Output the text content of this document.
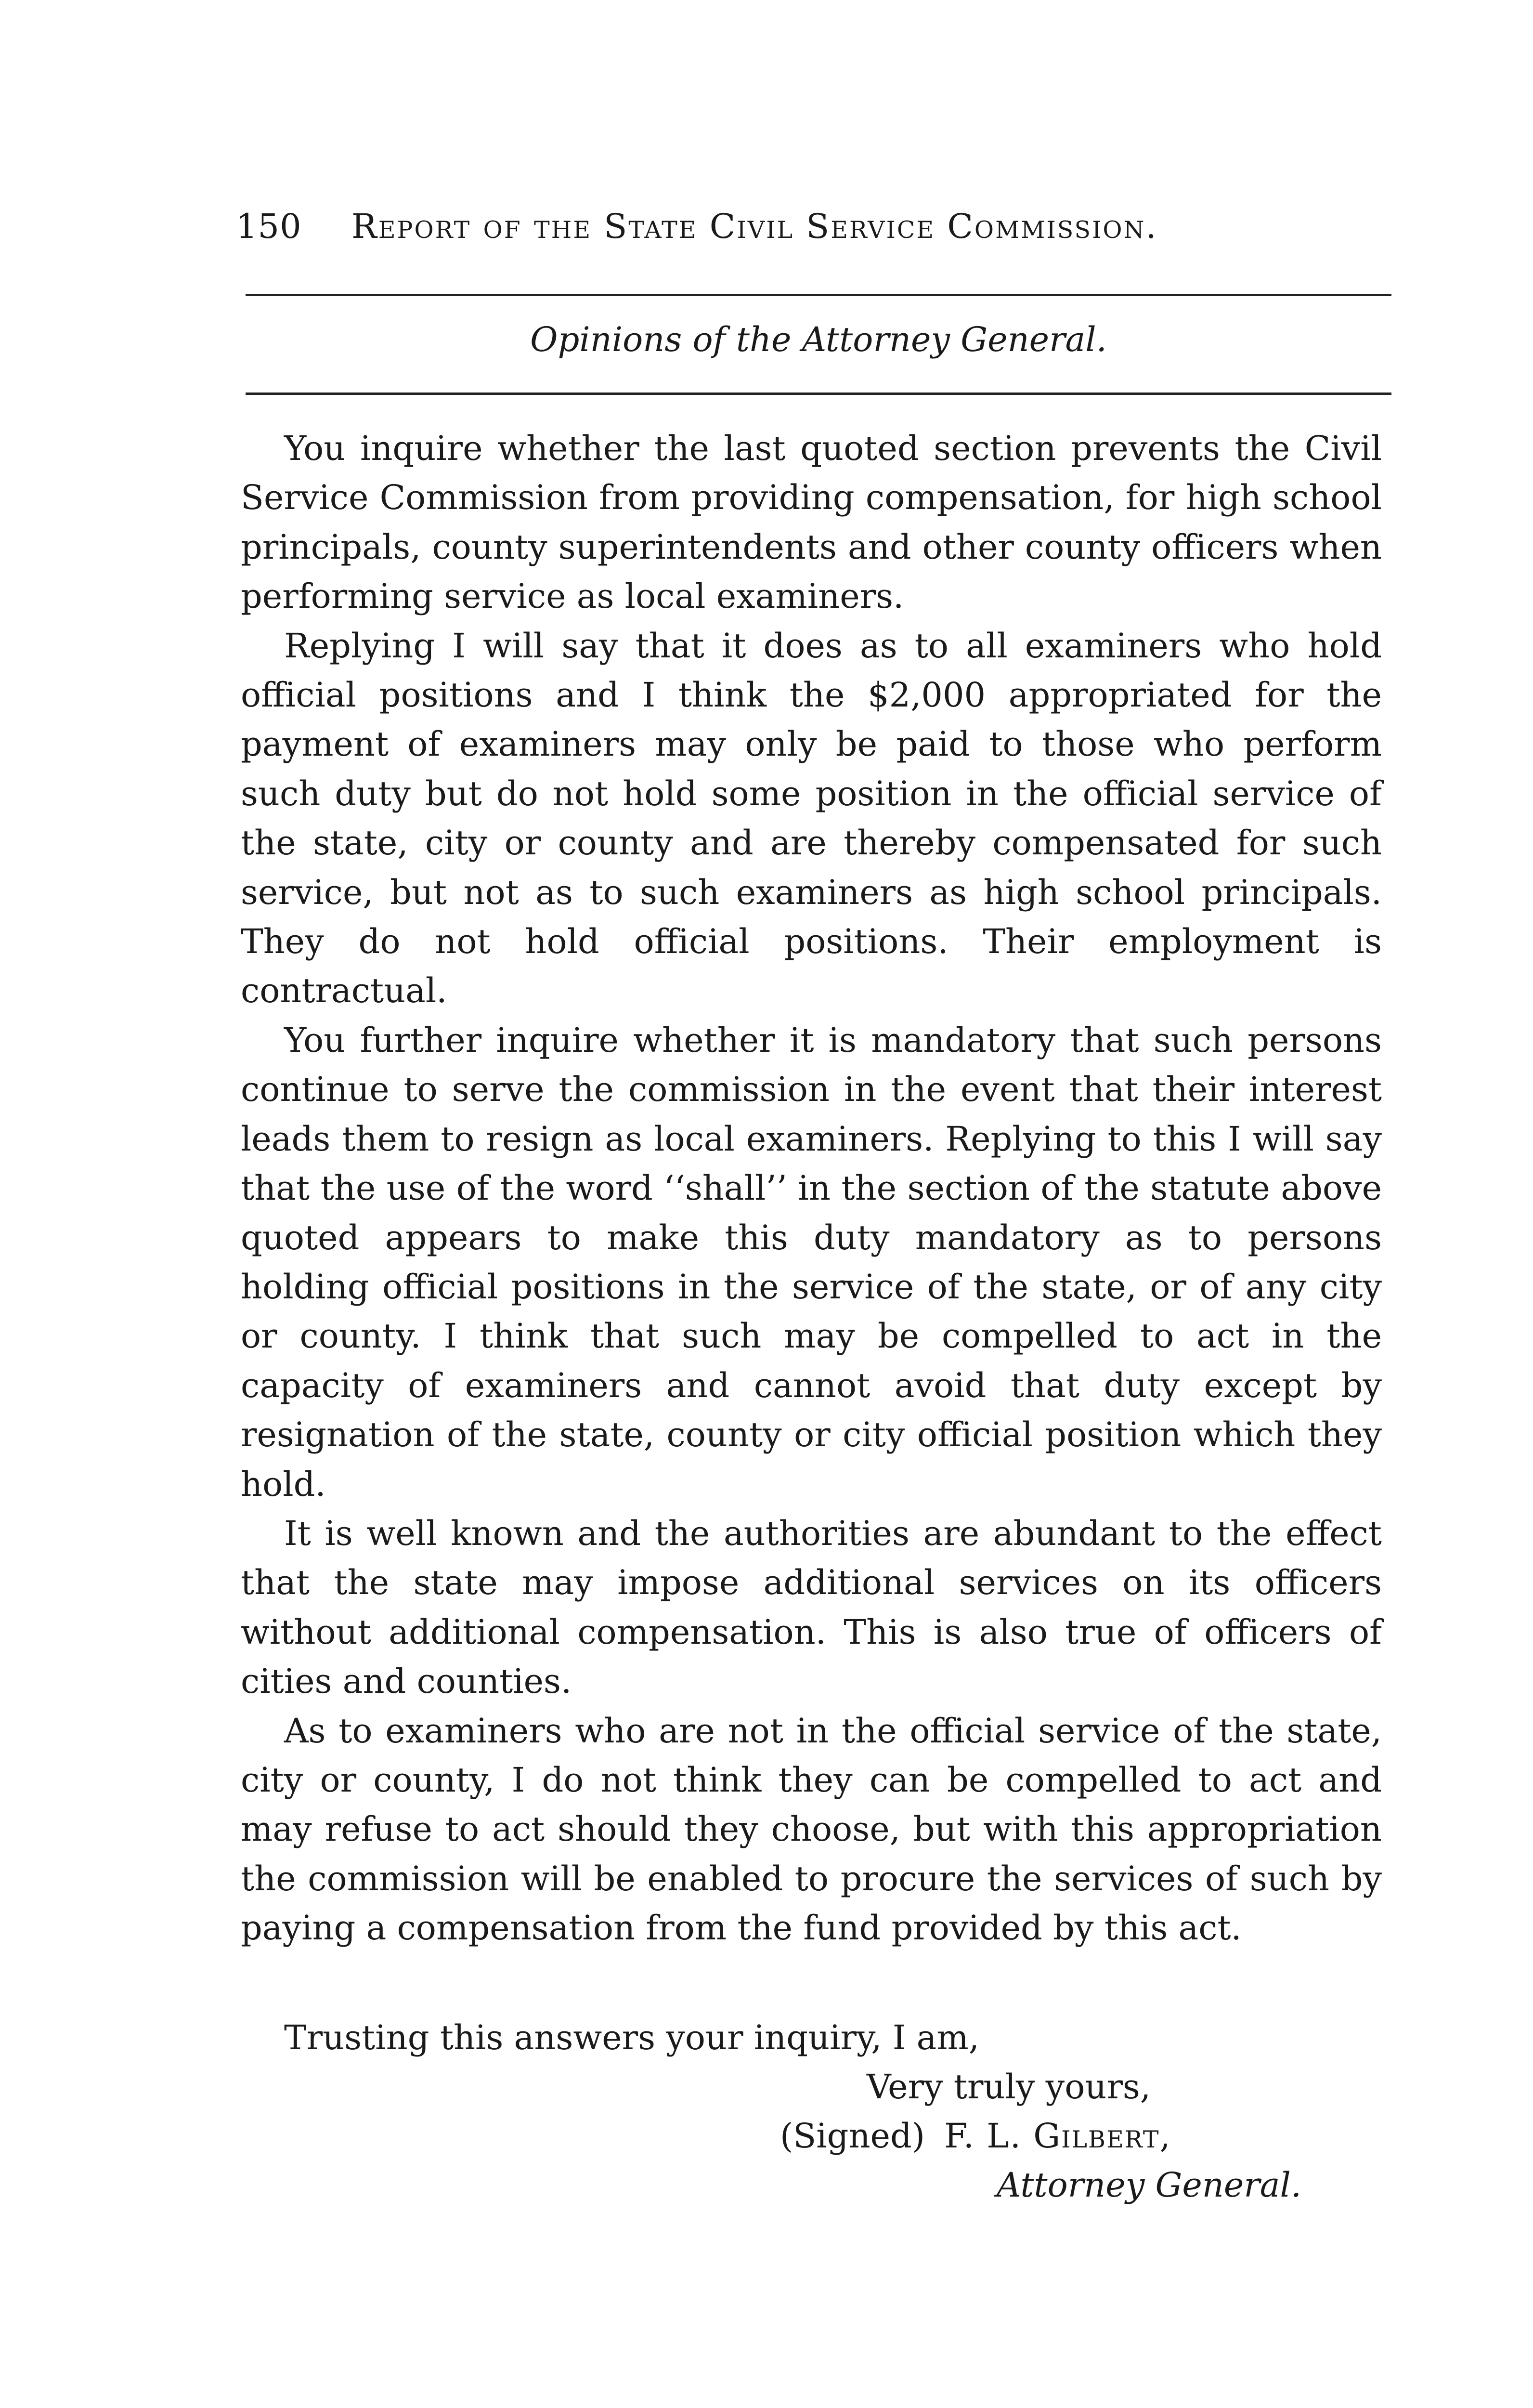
150 Report of the State Civil Service Commission.
Opinions of the Attorney General.

You inquire whether the last quoted section prevents the Civil Service Commission from providing compensation, for high school principals, county superintendents and other county officers when performing service as local examiners.

Replying I will say that it does as to all examiners who hold official positions and I think the $2,000 appropriated for the payment of examiners may only be paid to those who perform such duty but do not hold some position in the official service of the state, city or county and are thereby compensated for such service, but not as to such examiners as high school principals. They do not hold official positions. Their employment is contractual.

You further inquire whether it is mandatory that such persons continue to serve the commission in the event that their interest leads them to resign as local examiners. Replying to this I will say that the use of the word ‘‘shall’’ in the section of the statute above quoted appears to make this duty mandatory as to persons holding official positions in the service of the state, or of any city or county. I think that such may be compelled to act in the capacity of examiners and cannot avoid that duty except by resignation of the state, county or city official position which they hold.

It is well known and the authorities are abundant to the effect that the state may impose additional services on its officers without additional compensation. This is also true of officers of cities and counties.

As to examiners who are not in the official service of the state, city or county, I do not think they can be compelled to act and may refuse to act should they choose, but with this appropriation the commission will be enabled to procure the services of such by paying a compensation from the fund provided by this act.

Trusting this answers your inquiry, I am,

Very truly yours,

(Signed) F. L. Gilbert,

Attorney General.
